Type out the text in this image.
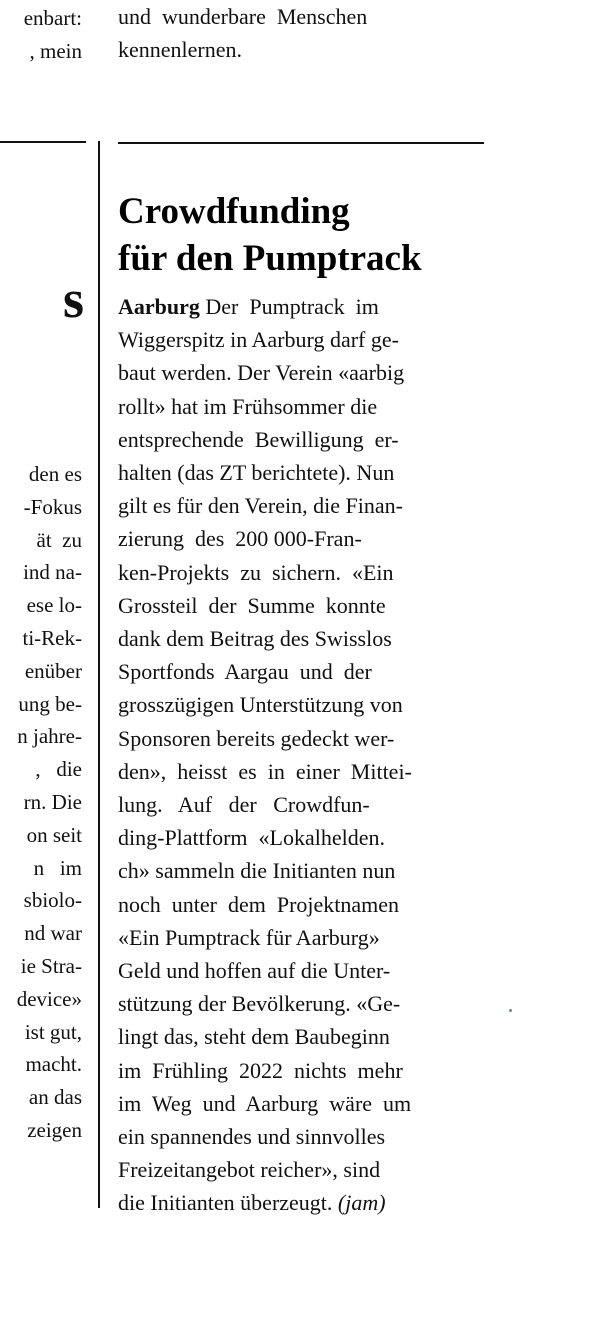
enbart:
, mein
s
den es
-Fokus
ät  zu
ind na-
ese lo-
ti-Rek-
enüber
ung be-
n jahre-
,   die
rn. Die
on seit
n   im
sbiolo-
nd war
ie Stra-
device»
ist gut,
macht.
an das
zeigen
und  wunderbare  Menschen
kennenlernen.
Crowdfunding
für den Pumptrack
Aarburg Der  Pumptrack  im
Wiggerspitz in Aarburg darf ge-
baut werden. Der Verein «aarbig
rollt» hat im Frühsommer die
entsprechende  Bewilligung  er-
halten (das ZT berichtete). Nun
gilt es für den Verein, die Finan-
zierung  des  200 000-Fran-
ken-Projekts  zu  sichern.  «Ein
Grossteil  der  Summe  konnte
dank dem Beitrag des Swisslos
Sportfonds  Aargau  und  der
grosszügigen Unterstützung von
Sponsoren bereits gedeckt wer-
den»,  heisst  es  in  einer  Mittei-
lung.   Auf   der   Crowdfun-
ding-Plattform  «Lokalhelden.
ch» sammeln die Initianten nun
noch  unter  dem  Projektnamen
«Ein Pumptrack für Aarburg»
Geld und hoffen auf die Unter-
stützung der Bevölkerung. «Ge-
lingt das, steht dem Baubeginn
im  Frühling  2022  nichts  mehr
im  Weg  und  Aarburg  wäre  um
ein spannendes und sinnvolles
Freizeitangebot reicher», sind
die Initianten überzeugt. (jam)
